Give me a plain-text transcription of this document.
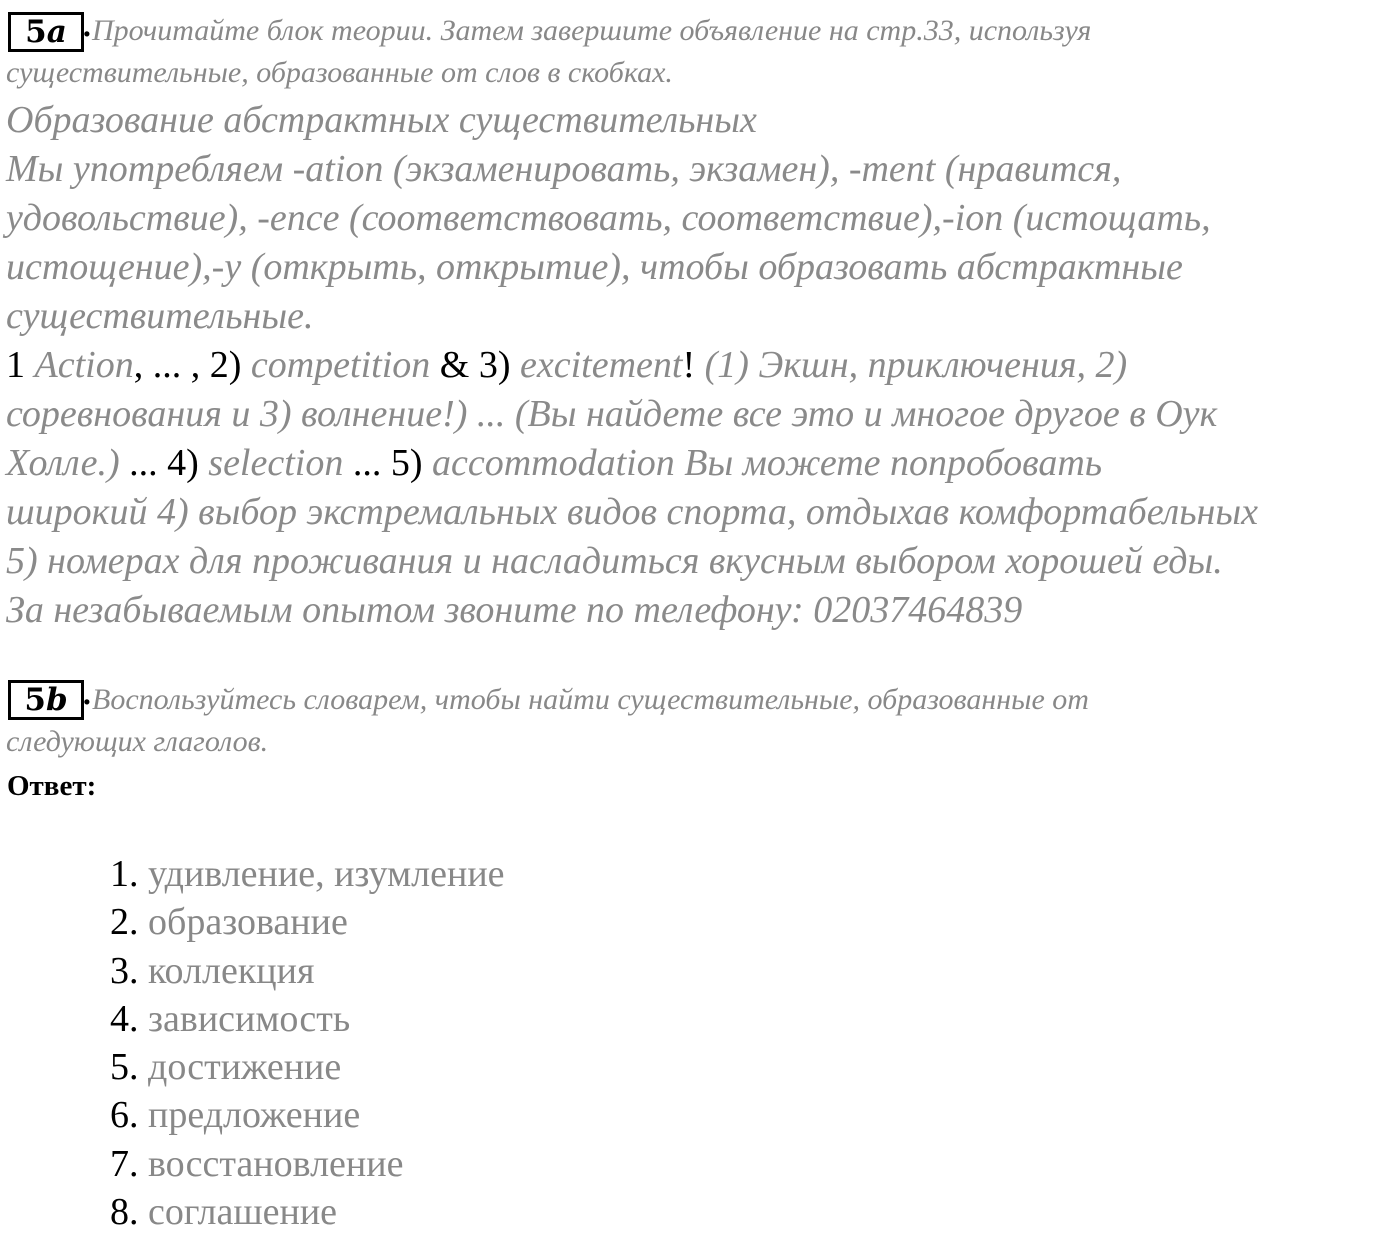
5a . Прочитайте блок теории. Затем завершите объявление на стр.33, используя
существительные, образованные от слов в скобках.
Образование абстрактных существительных
Мы употребляем -ation (экзаменировать, экзамен), -ment (нравится,
удовольствие), -ence (соответствовать, соответствие),-ion (истощать,
истощение),-y (открыть, открытие), чтобы образовать абстрактные
существительные.
1 Action, ... , 2) competition & 3) excitement! (1) Экшн, приключения, 2)
соревнования и 3) волнение!) ... (Вы найдете все это и многое другое в Оук
Холле.) ... 4) selection ... 5) accommodation Вы можете попробовать
широкий 4) выбор экстремальных видов спорта, отдыхав комфортабельных
5) номерах для проживания и насладиться вкусным выбором хорошей еды.
За незабываемым опытом звоните по телефону: 02037464839
5b . Воспользуйтесь словарем, чтобы найти существительные, образованные от
следующих глаголов.
Ответ:
1. удивление, изумление
2. образование
3. коллекция
4. зависимость
5. достижение
6. предложение
7. восстановление
8. соглашение
